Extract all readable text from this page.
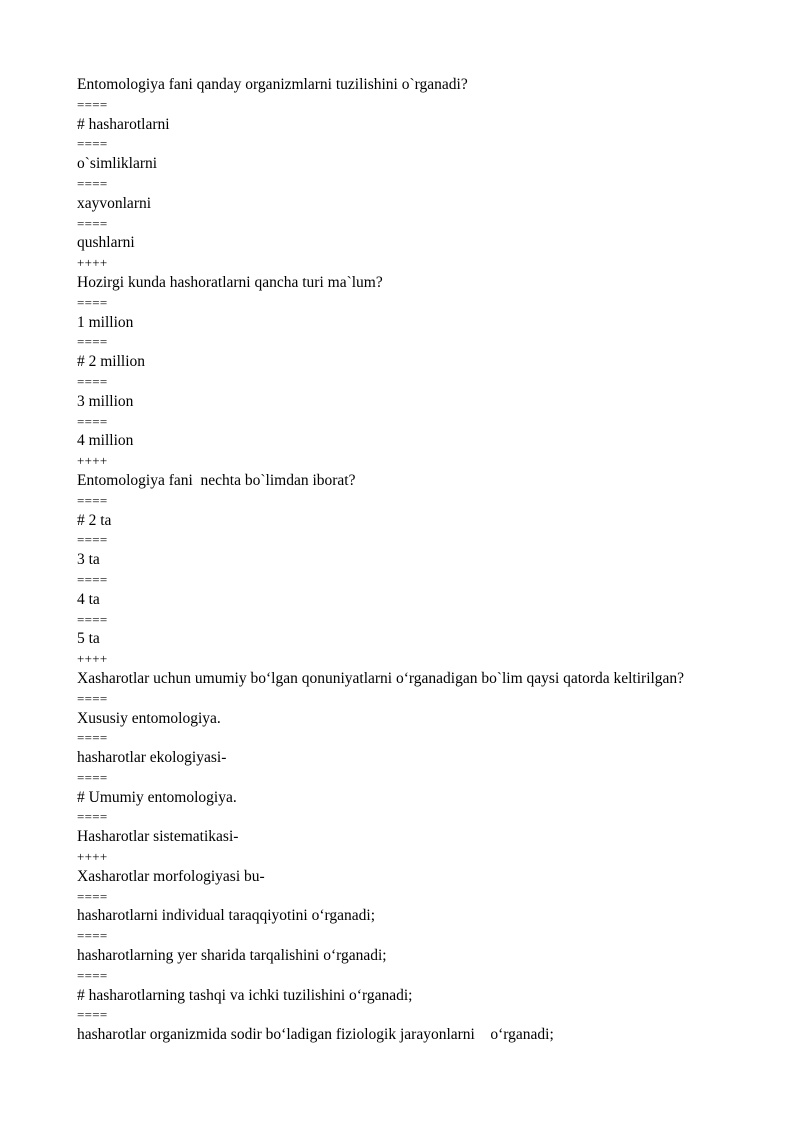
Entomologiya fani qanday organizmlarni tuzilishini o`rganadi?
====
# hasharotlarni
====
o`simliklarni
====
xayvonlarni
====
qushlarni
++++
Hozirgi kunda hashoratlarni qancha turi ma`lum?
====
1 million
====
# 2 million
====
3 million
====
4 million
++++
Entomologiya fani  nechta bo`limdan iborat?
====
# 2 ta
====
3 ta
====
4 ta
====
5 ta
++++
Xasharotlar uchun umumiy bo‘lgan qonuniyatlarni o‘rganadigan bo`lim qaysi qatorda keltirilgan?
====
Xususiy entomologiya.
====
hasharotlar ekologiyasi-
====
# Umumiy entomologiya.
====
Hasharotlar sistematikasi-
++++
Xasharotlar morfologiyasi bu-
====
hasharotlarni individual taraqqiyotini o‘rganadi;
====
hasharotlarning yer sharida tarqalishini o‘rganadi;
====
# hasharotlarning tashqi va ichki tuzilishini o‘rganadi;
====
hasharotlar organizmida sodir bo‘ladigan fiziologik jarayonlarni    o‘rganadi;
